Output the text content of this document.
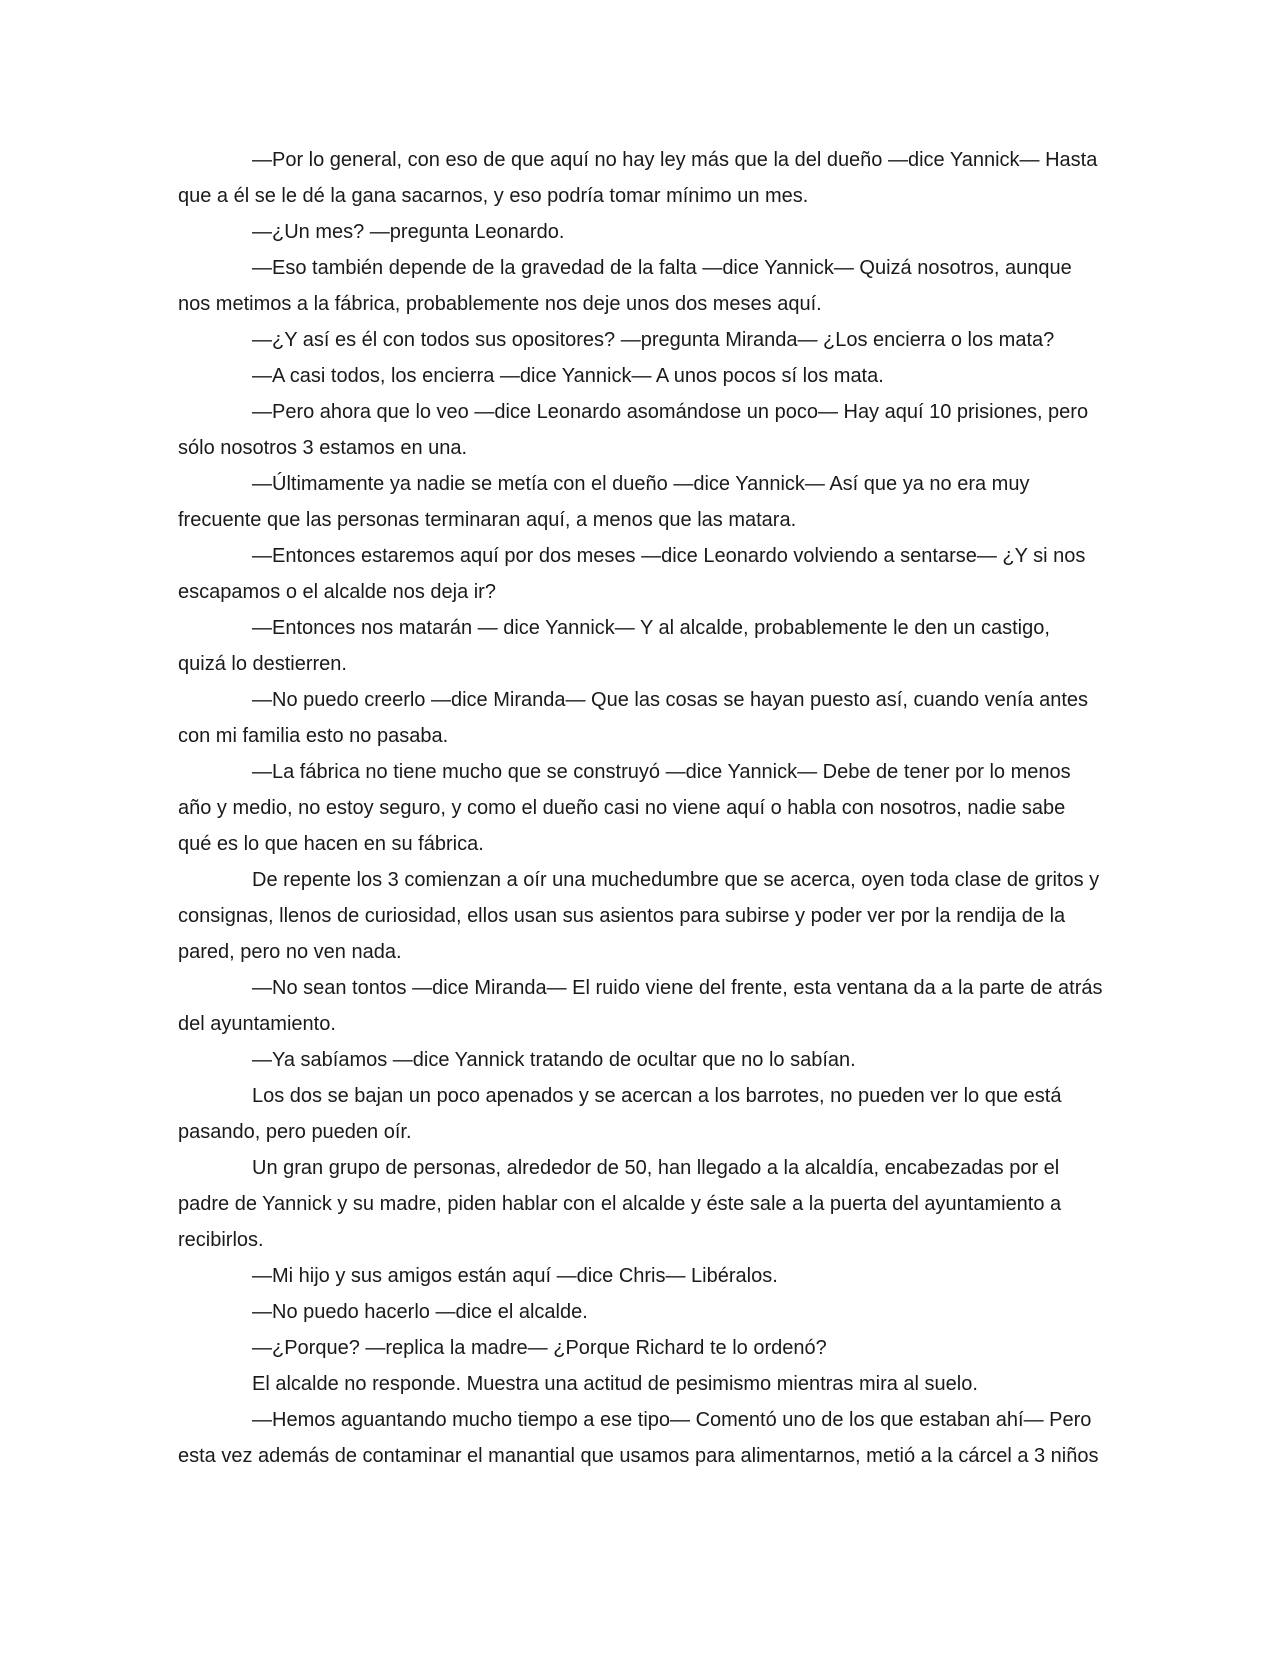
—Por lo general, con eso de que aquí no hay ley más que la del dueño —dice Yannick— Hasta que a él se le dé la gana sacarnos, y eso podría tomar mínimo un mes.

—¿Un mes? —pregunta Leonardo.

—Eso también depende de la gravedad de la falta —dice Yannick— Quizá nosotros, aunque nos metimos a la fábrica, probablemente nos deje unos dos meses aquí.

—¿Y así es él con todos sus opositores? —pregunta Miranda— ¿Los encierra o los mata?

—A casi todos, los encierra —dice Yannick— A unos pocos sí los mata.

—Pero ahora que lo veo —dice Leonardo asomándose un poco— Hay aquí 10 prisiones, pero sólo nosotros 3 estamos en una.

—Últimamente ya nadie se metía con el dueño —dice Yannick— Así que ya no era muy frecuente que las personas terminaran aquí, a menos que las matara.

—Entonces estaremos aquí por dos meses —dice Leonardo volviendo a sentarse— ¿Y si nos escapamos o el alcalde nos deja ir?

—Entonces nos matarán — dice Yannick— Y al alcalde, probablemente le den un castigo, quizá lo destierren.

—No puedo creerlo —dice Miranda— Que las cosas se hayan puesto así, cuando venía antes con mi familia esto no pasaba.

—La fábrica no tiene mucho que se construyó —dice Yannick— Debe de tener por lo menos año y medio, no estoy seguro, y como el dueño casi no viene aquí o habla con nosotros, nadie sabe qué es lo que hacen en su fábrica.

De repente los 3 comienzan a oír una muchedumbre que se acerca, oyen toda clase de gritos y consignas, llenos de curiosidad, ellos usan sus asientos para subirse y poder ver por la rendija de la pared, pero no ven nada.

—No sean tontos —dice Miranda— El ruido viene del frente, esta ventana da a la parte de atrás del ayuntamiento.

—Ya sabíamos —dice Yannick tratando de ocultar que no lo sabían.

Los dos se bajan un poco apenados y se acercan a los barrotes, no pueden ver lo que está pasando, pero pueden oír.

Un gran grupo de personas, alrededor de 50, han llegado a la alcaldía, encabezadas por el padre de Yannick y su madre, piden hablar con el alcalde y éste sale a la puerta del ayuntamiento a recibirlos.

—Mi hijo y sus amigos están aquí —dice Chris— Libéralos.

—No puedo hacerlo —dice el alcalde.

—¿Porque? —replica la madre— ¿Porque Richard te lo ordenó?

El alcalde no responde. Muestra una actitud de pesimismo mientras mira al suelo.

—Hemos aguantando mucho tiempo a ese tipo— Comentó uno de los que estaban ahí— Pero esta vez además de contaminar el manantial que usamos para alimentarnos, metió a la cárcel a 3 niños
